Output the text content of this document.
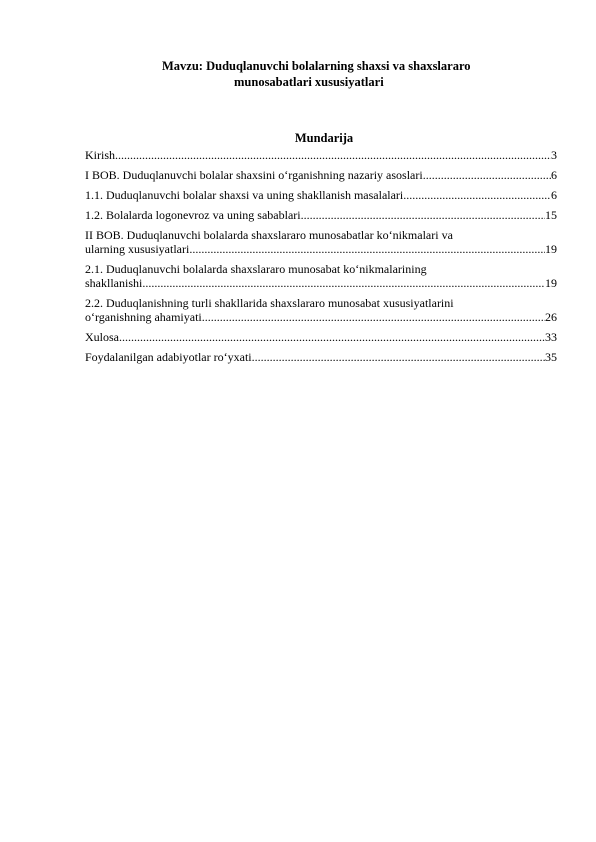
Mavzu: Duduqlanuvchi bolalarning shaxsi va shaxslararo
munosabatlari xususiyatlari
Mundarija
Kirish .....	3
I BOB. Duduqlanuvchi bolalar shaxsini o‘rganishning nazariy asoslari .....	6
1.1. Duduqlanuvchi bolalar shaxsi va uning shakllanish masalalari .....	6
1.2. Bolalarda logonevroz va uning sabablari .....	15
II BOB. Duduqlanuvchi bolalarda shaxslararo munosabatlar ko‘nikmalari va
ularning xususiyatlari .....	19
2.1. Duduqlanuvchi bolalarda shaxslararo munosabat ko‘nikmalarining
shakllanishi .....	19
2.2. Duduqlanishning turli shakllarida shaxslararo munosabat xususiyatlarini
o‘rganishning ahamiyati .....	26
Xulosa .....	33
Foydalanilgan adabiyotlar ro‘yxati .....	35
